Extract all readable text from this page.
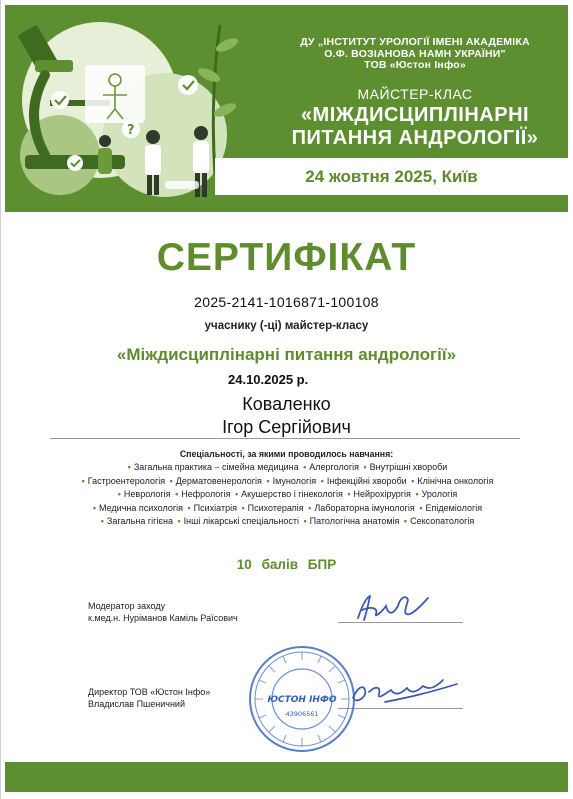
?
ДУ „ІНСТИТУТ УРОЛОГІЇ ІМЕНІ АКАДЕМІКА
О.Ф. ВОЗІАНОВА НАМН УКРАЇНИ"
ТОВ «Юстон Інфо»
МАЙСТЕР-КЛАС
«МІЖДИСЦИПЛІНАРНІ
ПИТАННЯ АНДРОЛОГІЇ»
24 жовтня 2025, Київ
СЕРТИФІКАТ
2025-2141-1016871-100108
учаснику (-ці) майстер-класу
«Міждисциплінарні питання андрології»
24.10.2025 р.
Коваленко
Ігор Сергійович
Спеціальності, за якими проводилось навчання:
• Загальна практика – сімейна медицина • Алергологія • Внутрішні хвороби
• Гастроентерологія • Дерматовенерологія • Імунологія • Інфекційні хвороби • Клінічна онкологія
• Неврологія • Нефрологія • Акушерство і гінекологія • Нейрохірургія • Урологія
• Медична психологія • Психіатрія • Психотерапія • Лабораторна імунологія • Епідеміологія
• Загальна гігієна • Інші лікарські спеціальності • Патологічна анатомія • Сексопатологія
10 балів БПР
Модератор заходу
к.мед.н. Нуріманов Каміль Раїсович
Директор ТОВ «Юстон Інфо»
Владислав Пшеничний	ЮСТОН ІНФО
43906561
